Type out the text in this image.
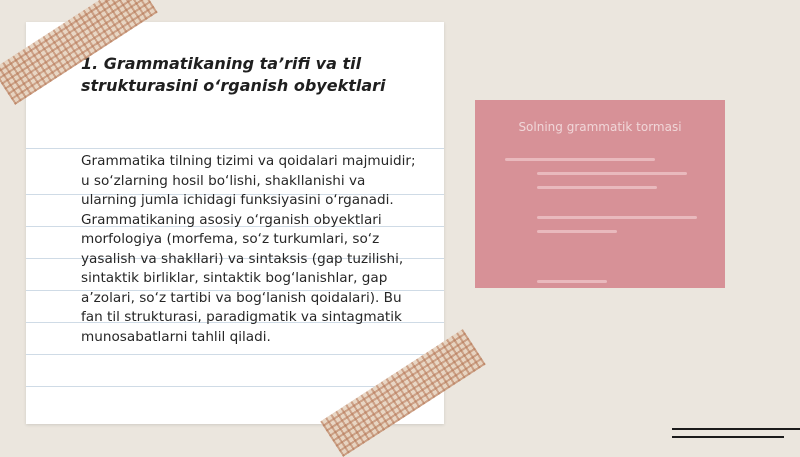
1. Grammatikaning ta’rifi va til strukturasini o‘rganish obyektlari

Grammatika tilning tizimi va qoidalari majmuidir; u so‘zlarning hosil bo‘lishi, shakllanishi va ularning jumla ichidagi funksiyasini o‘rganadi. Grammatikaning asosiy o‘rganish obyektlari morfologiya (morfema, so‘z turkumlari, so‘z yasalish va shakllari) va sintaksis (gap tuzilishi, sintaktik birliklar, sintaktik bog‘lanishlar, gap a’zolari, so‘z tartibi va bog‘lanish qoidalari). Bu fan til strukturasi, paradigmatik va sintagmatik munosabatlarni tahlil qiladi.

Solning grammatik tormasi
